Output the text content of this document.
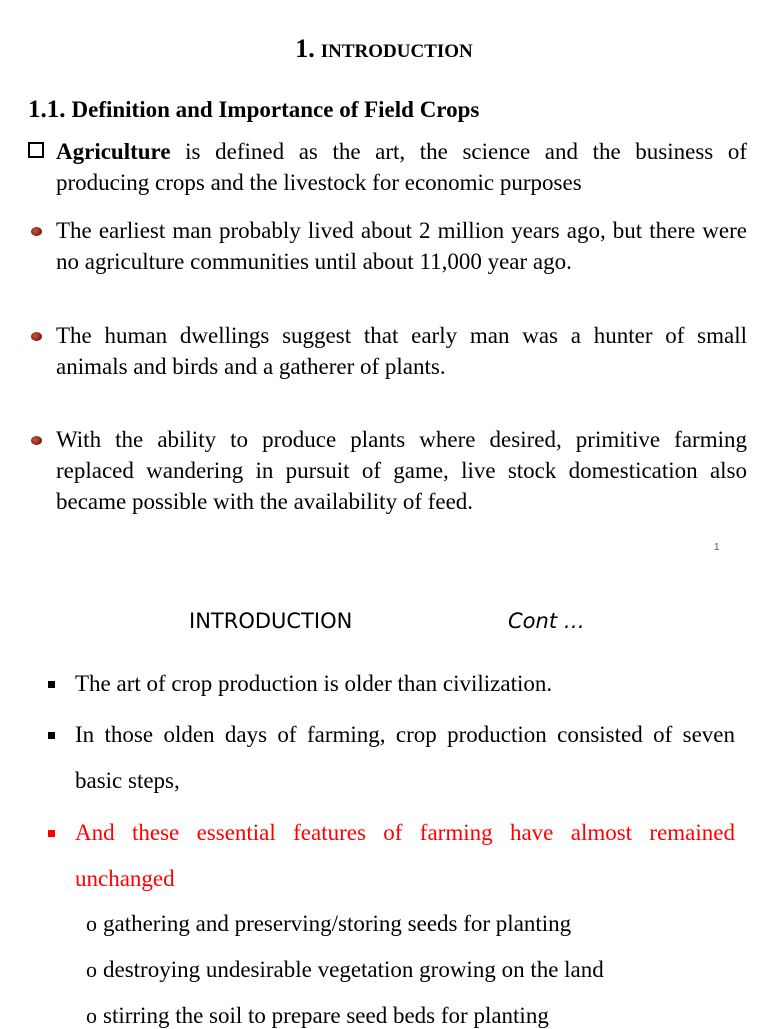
1. INTRODUCTION
1.1. Definition and Importance of Field Crops
Agriculture is defined as the art, the science and the business of producing crops and the livestock for economic purposes
The earliest man probably lived about 2 million years ago, but there were no agriculture communities until about 11,000 year ago.
The human dwellings suggest that early man was a hunter of small animals and birds and a gatherer of plants.
With the ability to produce plants where desired, primitive farming replaced wandering in pursuit of game, live stock domestication also became possible with the availability of feed.
1
INTRODUCTION	Cont …
The art of crop production is older than civilization.
In those olden days of farming, crop production consisted of seven basic steps,
And these essential features of farming have almost remained unchanged
o gathering and preserving/storing seeds for planting
o destroying undesirable vegetation growing on the land
o stirring the soil to prepare seed beds for planting
